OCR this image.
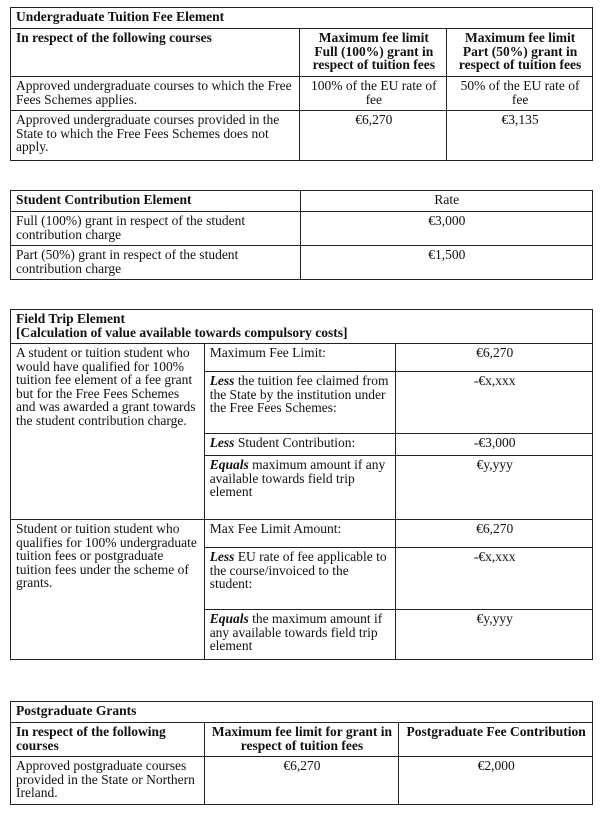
Undergraduate Tuition Fee Element		
In respect of the following courses	Maximum fee limit Full (100%) grant in respect of tuition fees	Maximum fee limit Part (50%) grant in respect of tuition fees
Approved undergraduate courses to which the Free Fees Schemes applies.	100% of the EU rate of fee	50% of the EU rate of fee
Approved undergraduate courses provided in the State to which the Free Fees Schemes does not apply.	€6,270	€3,135
Student Contribution Element	Rate
Full (100%) grant in respect of the student contribution charge	€3,000
Part (50%) grant in respect of the student contribution charge	€1,500
Field Trip Element
[Calculation of value available towards compulsory costs]		

A student or tuition student who would have qualified for 100% tuition fee element of a fee grant but for the Free Fees Schemes and was awarded a grant towards the student contribution charge.	Maximum Fee Limit:	€6,270
	Less the tuition fee claimed from the State by the institution under the Free Fees Schemes:	-€x,xxx
	Less Student Contribution:	-€3,000
	Equals maximum amount if any available towards field trip element	€y,yyy
Student or tuition student who qualifies for 100% undergraduate tuition fees or postgraduate tuition fees under the scheme of grants.	Max Fee Limit Amount:	€6,270
	Less EU rate of fee applicable to the course/invoiced to the student:	-€x,xxx
	Equals the maximum amount if any available towards field trip element	€y,yyy
Postgraduate Grants		
In respect of the following courses	Maximum fee limit for grant in respect of tuition fees	Postgraduate Fee Contribution
Approved postgraduate courses provided in the State or Northern Ireland.	€6,270	€2,000
